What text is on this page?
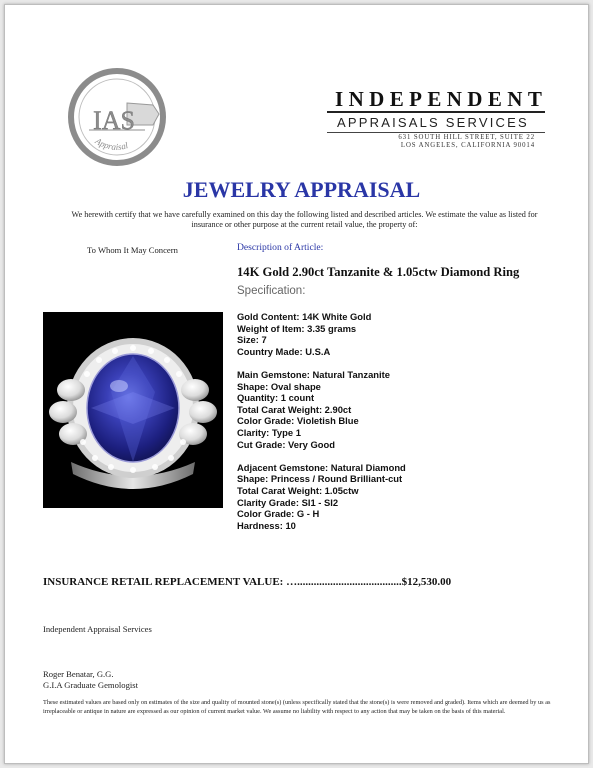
IAS
Appraisal
INDEPENDENT
APPRAISALS SERVICES
631 SOUTH HILL STREET, SUITE 22
LOS ANGELES, CALIFORNIA 90014
JEWELRY APPRAISAL
We herewith certify that we have carefully examined on this day the following listed and described articles. We estimate the value as listed for insurance or other purpose at the current retail value, the property of:
To Whom It May Concern	Description of Article:
14K Gold 2.90ct Tanzanite & 1.05ctw Diamond Ring
Specification:
Gold Content: 14K White Gold
Weight of Item: 3.35 grams
Size: 7
Country Made: U.S.A
Main Gemstone: Natural Tanzanite
Shape: Oval shape
Quantity: 1 count
Total Carat Weight: 2.90ct
Color Grade: Violetish Blue
Clarity: Type 1
Cut Grade: Very Good
Adjacent Gemstone: Natural Diamond
Shape: Princess / Round Brilliant-cut
Total Carat Weight: 1.05ctw
Clarity Grade: SI1 - SI2
Color Grade: G - H
Hardness: 10
INSURANCE RETAIL REPLACEMENT VALUE: …......................................$12,530.00
Independent Appraisal Services
Roger Benatar, G.G.
G.I.A Graduate Gemologist
These estimated values are based only on estimates of the size and quality of mounted stone(s) (unless specifically stated that the stone(s) is were removed and graded). Items which are deemed by us as irreplaceable or antique in nature are expressed as our opinion of current market value. We assume no liability with respect to any action that may be taken on the basis of this material.
